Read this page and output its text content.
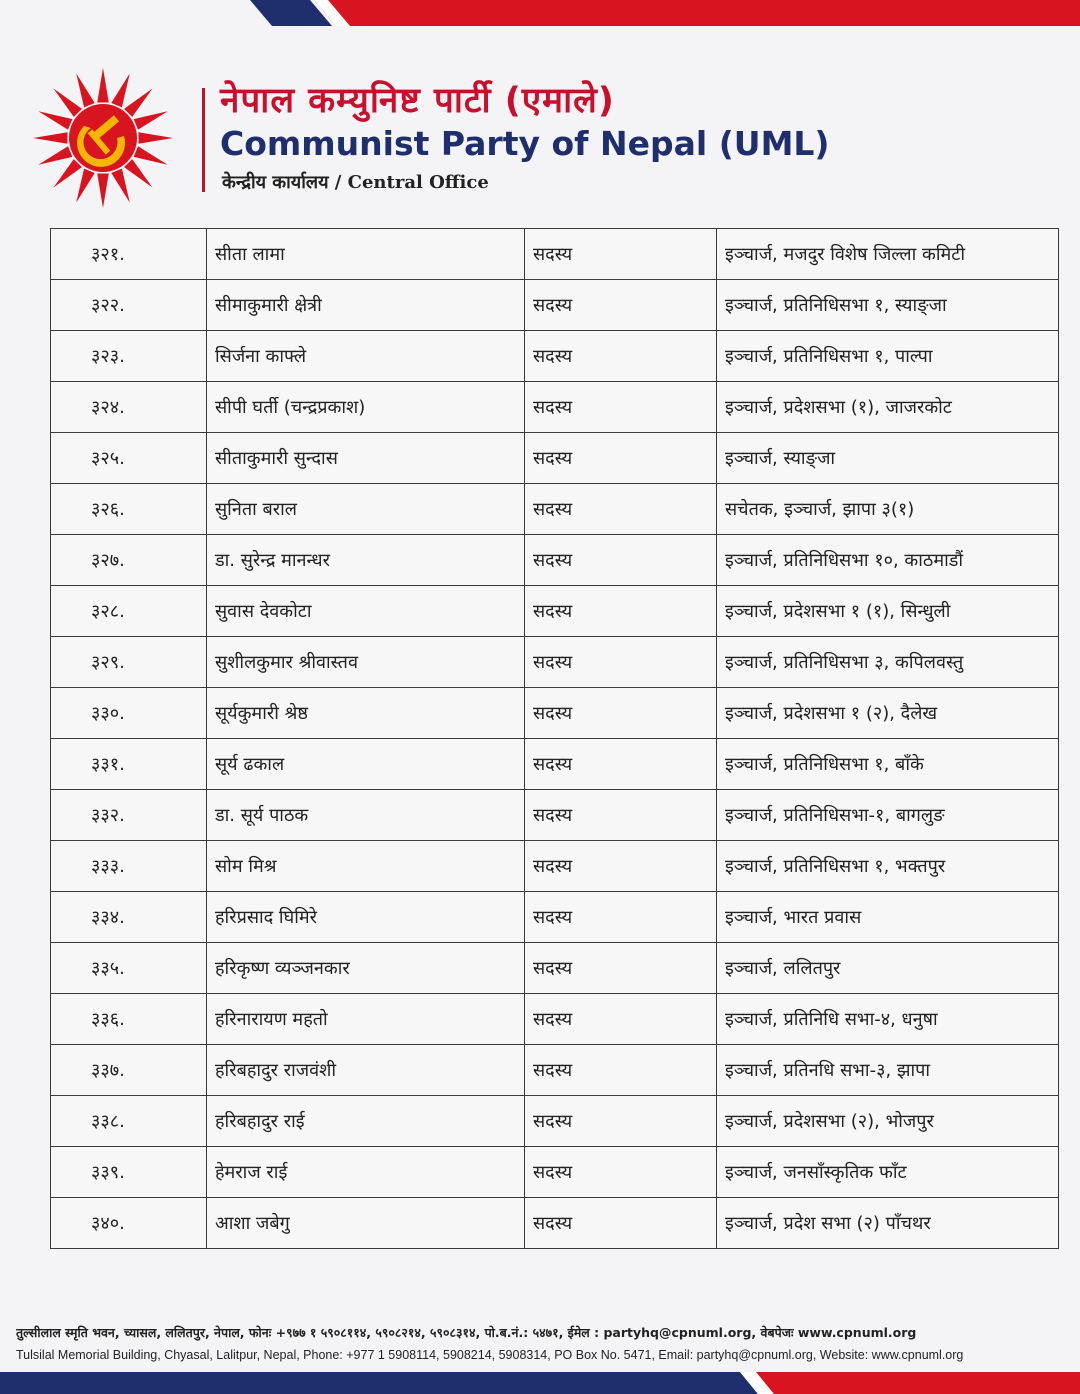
नेपाल कम्युनिष्ट पार्टी (एमाले)
Communist Party of Nepal (UML)
केन्द्रीय कार्यालय / Central Office
३२१.	सीता लामा	सदस्य	इञ्चार्ज, मजदुर विशेष जिल्ला कमिटी
३२२.	सीमाकुमारी क्षेत्री	सदस्य	इञ्चार्ज, प्रतिनिधिसभा १, स्याङ्जा
३२३.	सिर्जना काफ्ले	सदस्य	इञ्चार्ज, प्रतिनिधिसभा १, पाल्पा
३२४.	सीपी घर्ती (चन्द्रप्रकाश)	सदस्य	इञ्चार्ज, प्रदेशसभा (१), जाजरकोट
३२५.	सीताकुमारी सुन्दास	सदस्य	इञ्चार्ज, स्याङ्जा
३२६.	सुनिता बराल	सदस्य	सचेतक, इञ्चार्ज, झापा ३(१)
३२७.	डा. सुरेन्द्र मानन्धर	सदस्य	इञ्चार्ज, प्रतिनिधिसभा १०, काठमाडौं
३२८.	सुवास देवकोटा	सदस्य	इञ्चार्ज, प्रदेशसभा १ (१), सिन्धुली
३२९.	सुशीलकुमार श्रीवास्तव	सदस्य	इञ्चार्ज, प्रतिनिधिसभा ३, कपिलवस्तु
३३०.	सूर्यकुमारी श्रेष्ठ	सदस्य	इञ्चार्ज, प्रदेशसभा १ (२), दैलेख
३३१.	सूर्य ढकाल	सदस्य	इञ्चार्ज, प्रतिनिधिसभा १, बाँके
३३२.	डा. सूर्य पाठक	सदस्य	इञ्चार्ज, प्रतिनिधिसभा-१, बागलुङ
३३३.	सोम मिश्र	सदस्य	इञ्चार्ज, प्रतिनिधिसभा १, भक्तपुर
३३४.	हरिप्रसाद घिमिरे	सदस्य	इञ्चार्ज, भारत प्रवास
३३५.	हरिकृष्ण व्यञ्जनकार	सदस्य	इञ्चार्ज, ललितपुर
३३६.	हरिनारायण महतो	सदस्य	इञ्चार्ज, प्रतिनिधि सभा-४, धनुषा
३३७.	हरिबहादुर राजवंशी	सदस्य	इञ्चार्ज, प्रतिनधि सभा-३, झापा
३३८.	हरिबहादुर राई	सदस्य	इञ्चार्ज, प्रदेशसभा (२), भोजपुर
३३९.	हेमराज राई	सदस्य	इञ्चार्ज, जनसाँस्कृतिक फाँट
३४०.	आशा जबेगु	सदस्य	इञ्चार्ज, प्रदेश सभा (२) पाँचथर
तुल्सीलाल स्मृति भवन, च्यासल, ललितपुर, नेपाल, फोनः +९७७ १ ५९०८११४, ५९०८२१४, ५९०८३१४, पो.ब.नं.: ५४७१, ईमेल : partyhq@cpnuml.org, वेबपेजः www.cpnuml.org
Tulsilal Memorial Building, Chyasal, Lalitpur, Nepal, Phone: +977 1 5908114, 5908214, 5908314, PO Box No. 5471, Email: partyhq@cpnuml.org, Website: www.cpnuml.org
